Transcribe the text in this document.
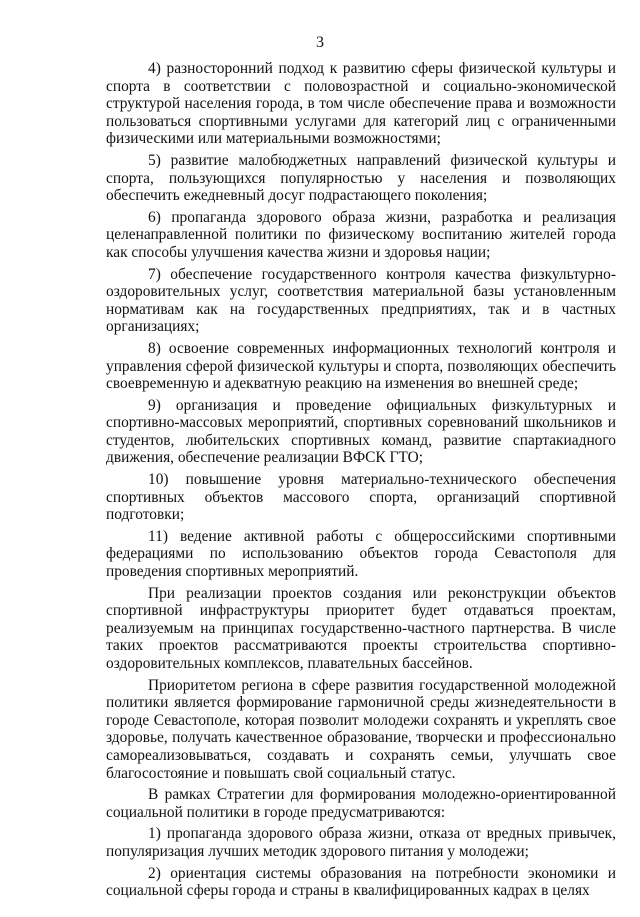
3

4) разносторонний подход к развитию сферы физической культуры и спорта в соответствии с половозрастной и социально-экономической структурой населения города, в том числе обеспечение права и возможности пользоваться спортивными услугами для категорий лиц с ограниченными физическими или материальными возможностями;

5) развитие малобюджетных направлений физической культуры и спорта, пользующихся популярностью у населения и позволяющих обеспечить ежедневный досуг подрастающего поколения;

6) пропаганда здорового образа жизни, разработка и реализация целенаправленной политики по физическому воспитанию жителей города как способы улучшения качества жизни и здоровья нации;

7) обеспечение государственного контроля качества физкультурно-оздоровительных услуг, соответствия материальной базы установленным нормативам как на государственных предприятиях, так и в частных организациях;

8) освоение современных информационных технологий контроля и управления сферой физической культуры и спорта, позволяющих обеспечить своевременную и адекватную реакцию на изменения во внешней среде;

9) организация и проведение официальных физкультурных и спортивно-массовых мероприятий, спортивных соревнований школьников и студентов, любительских спортивных команд, развитие спартакиадного движения, обеспечение реализации ВФСК ГТО;

10) повышение уровня материально-технического обеспечения спортивных объектов массового спорта, организаций спортивной подготовки;

11) ведение активной работы с общероссийскими спортивными федерациями по использованию объектов города Севастополя для проведения спортивных мероприятий.

При реализации проектов создания или реконструкции объектов спортивной инфраструктуры приоритет будет отдаваться проектам, реализуемым на принципах государственно-частного партнерства. В числе таких проектов рассматриваются проекты строительства спортивно-оздоровительных комплексов, плавательных бассейнов.

Приоритетом региона в сфере развития государственной молодежной политики является формирование гармоничной среды жизнедеятельности в городе Севастополе, которая позволит молодежи сохранять и укреплять свое здоровье, получать качественное образование, творчески и профессионально самореализовываться, создавать и сохранять семьи, улучшать свое благосостояние и повышать свой социальный статус.

В рамках Стратегии для формирования молодежно-ориентированной социальной политики в городе предусматриваются:

1) пропаганда здорового образа жизни, отказа от вредных привычек, популяризация лучших методик здорового питания у молодежи;

2) ориентация системы образования на потребности экономики и социальной сферы города и страны в квалифицированных кадрах в целях
